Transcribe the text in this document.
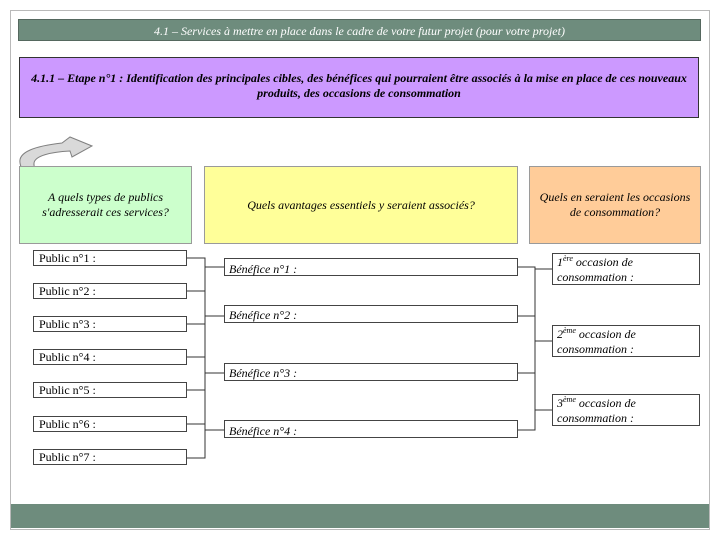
4.1 – Services à mettre en place dans le cadre de votre futur projet (pour votre projet)
4.1.1 – Etape n°1 : Identification des principales cibles, des bénéfices qui pourraient être associés à la mise en place de ces nouveaux produits, des occasions de consommation
A quels types de publics s'adresserait ces services?
Quels avantages essentiels y seraient associés?
Quels en seraient les occasions de consommation?
Public n°1 :
Public n°2 :
Public n°3 :
Public n°4 :
Public n°5 :
Public n°6 :
Public n°7 :
Bénéfice n°1 :
Bénéfice n°2 :
Bénéfice n°3 :
Bénéfice n°4 :
1ère occasion de consommation :
2ème occasion de consommation :
3ème occasion de consommation :
